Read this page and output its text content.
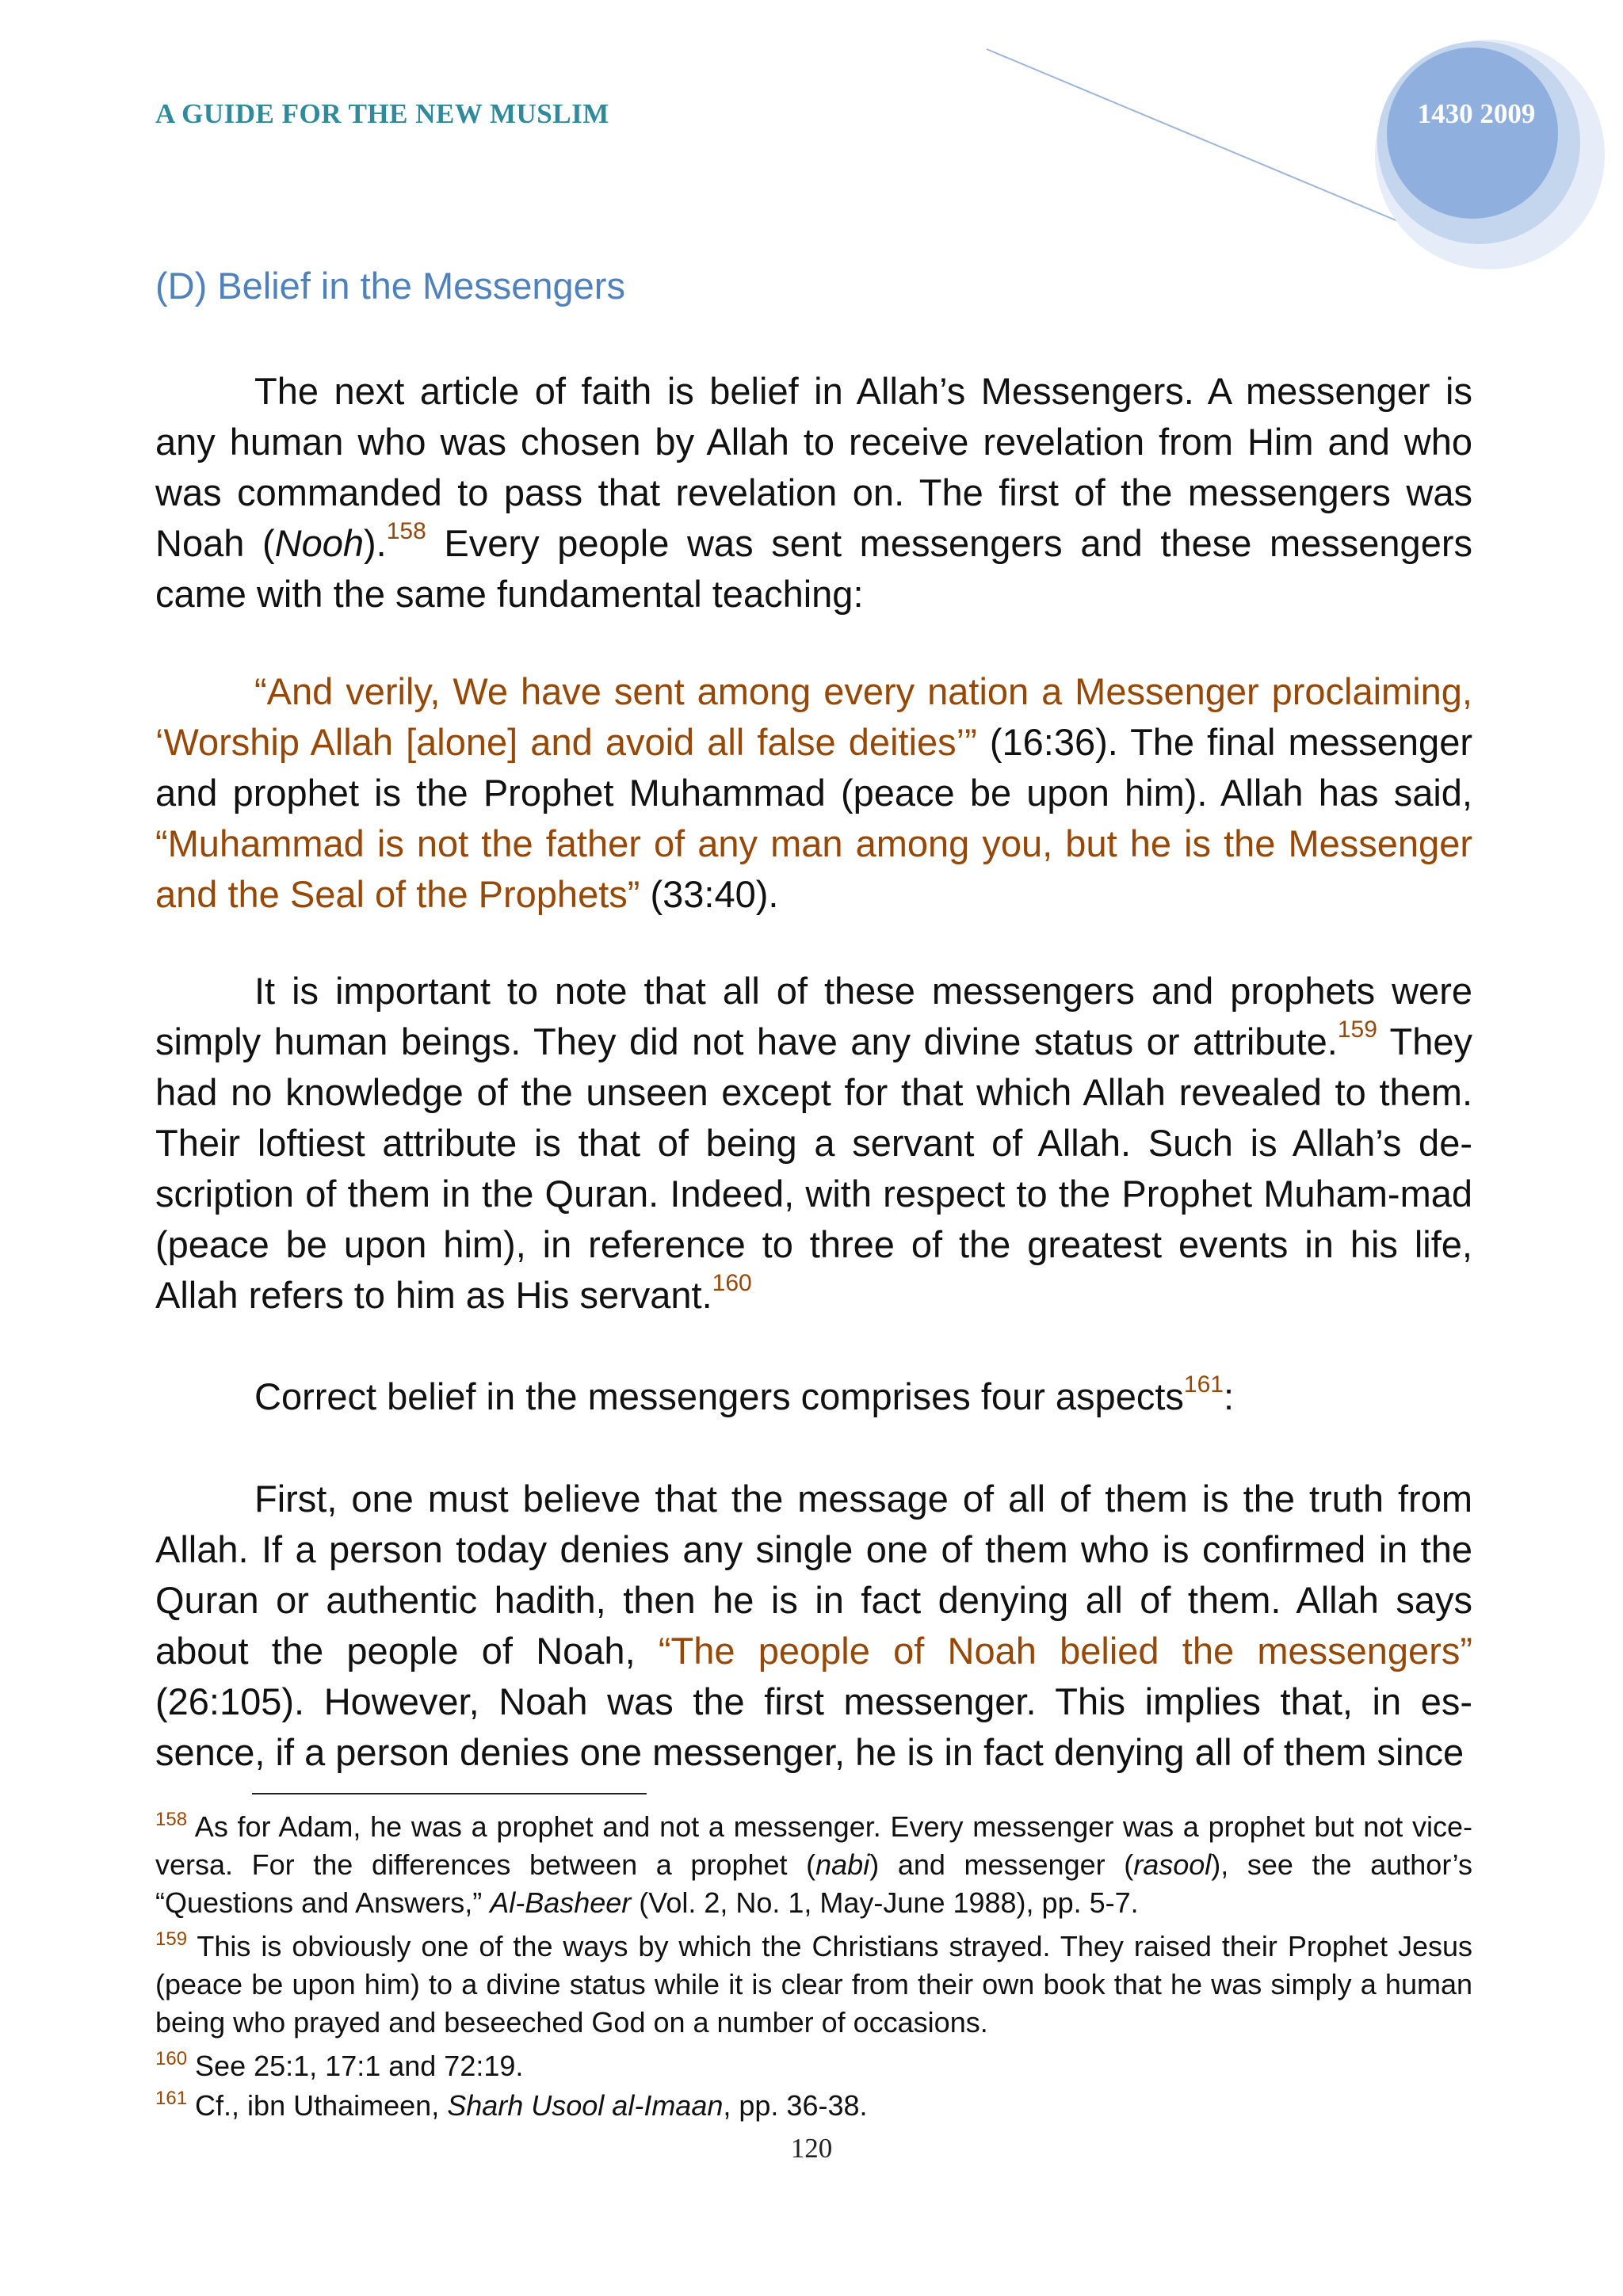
A GUIDE FOR THE NEW MUSLIM	1430 2009
(D) Belief in the Messengers

The next article of faith is belief in Allah’s Messengers. A messenger is any human who was chosen by Allah to receive revelation from Him and who was commanded to pass that revelation on. The first of the messengers was Noah (Nooh).$^{158}$ Every people was sent messengers and these messengers came with the same fundamental teaching:

“And verily, We have sent among every nation a Messenger proclaiming, ‘Worship Allah [alone] and avoid all false deities’” (16:36). The final messenger and prophet is the Prophet Muhammad (peace be upon him). Allah has said, “Muhammad is not the father of any man among you, but he is the Messenger and the Seal of the Prophets” (33:40).

It is important to note that all of these messengers and prophets were simply human beings. They did not have any divine status or attribute.$^{159}$ They had no knowledge of the unseen except for that which Allah revealed to them. Their loftiest attribute is that of being a servant of Allah. Such is Allah’s de-scription of them in the Quran. Indeed, with respect to the Prophet Muham-mad (peace be upon him), in reference to three of the greatest events in his life, Allah refers to him as His servant.$^{160}$

Correct belief in the messengers comprises four aspects$^{161}$:

First, one must believe that the message of all of them is the truth from Allah. If a person today denies any single one of them who is confirmed in the Quran or authentic hadith, then he is in fact denying all of them. Allah says about the people of Noah, “The people of Noah belied the messengers” (26:105). However, Noah was the first messenger. This implies that, in es-sence, if a person denies one messenger, he is in fact denying all of them since

$^{158}$ As for Adam, he was a prophet and not a messenger. Every messenger was a prophet but not vice-versa. For the differences between a prophet (nabi) and messenger (rasool), see the author’s “Questions and Answers,” Al-Basheer (Vol. 2, No. 1, May-June 1988), pp. 5-7.

$^{159}$ This is obviously one of the ways by which the Christians strayed. They raised their Prophet Jesus (peace be upon him) to a divine status while it is clear from their own book that he was simply a human being who prayed and beseeched God on a number of occasions.

$^{160}$ See 25:1, 17:1 and 72:19.

$^{161}$ Cf., ibn Uthaimeen, Sharh Usool al-Imaan, pp. 36-38.

120
